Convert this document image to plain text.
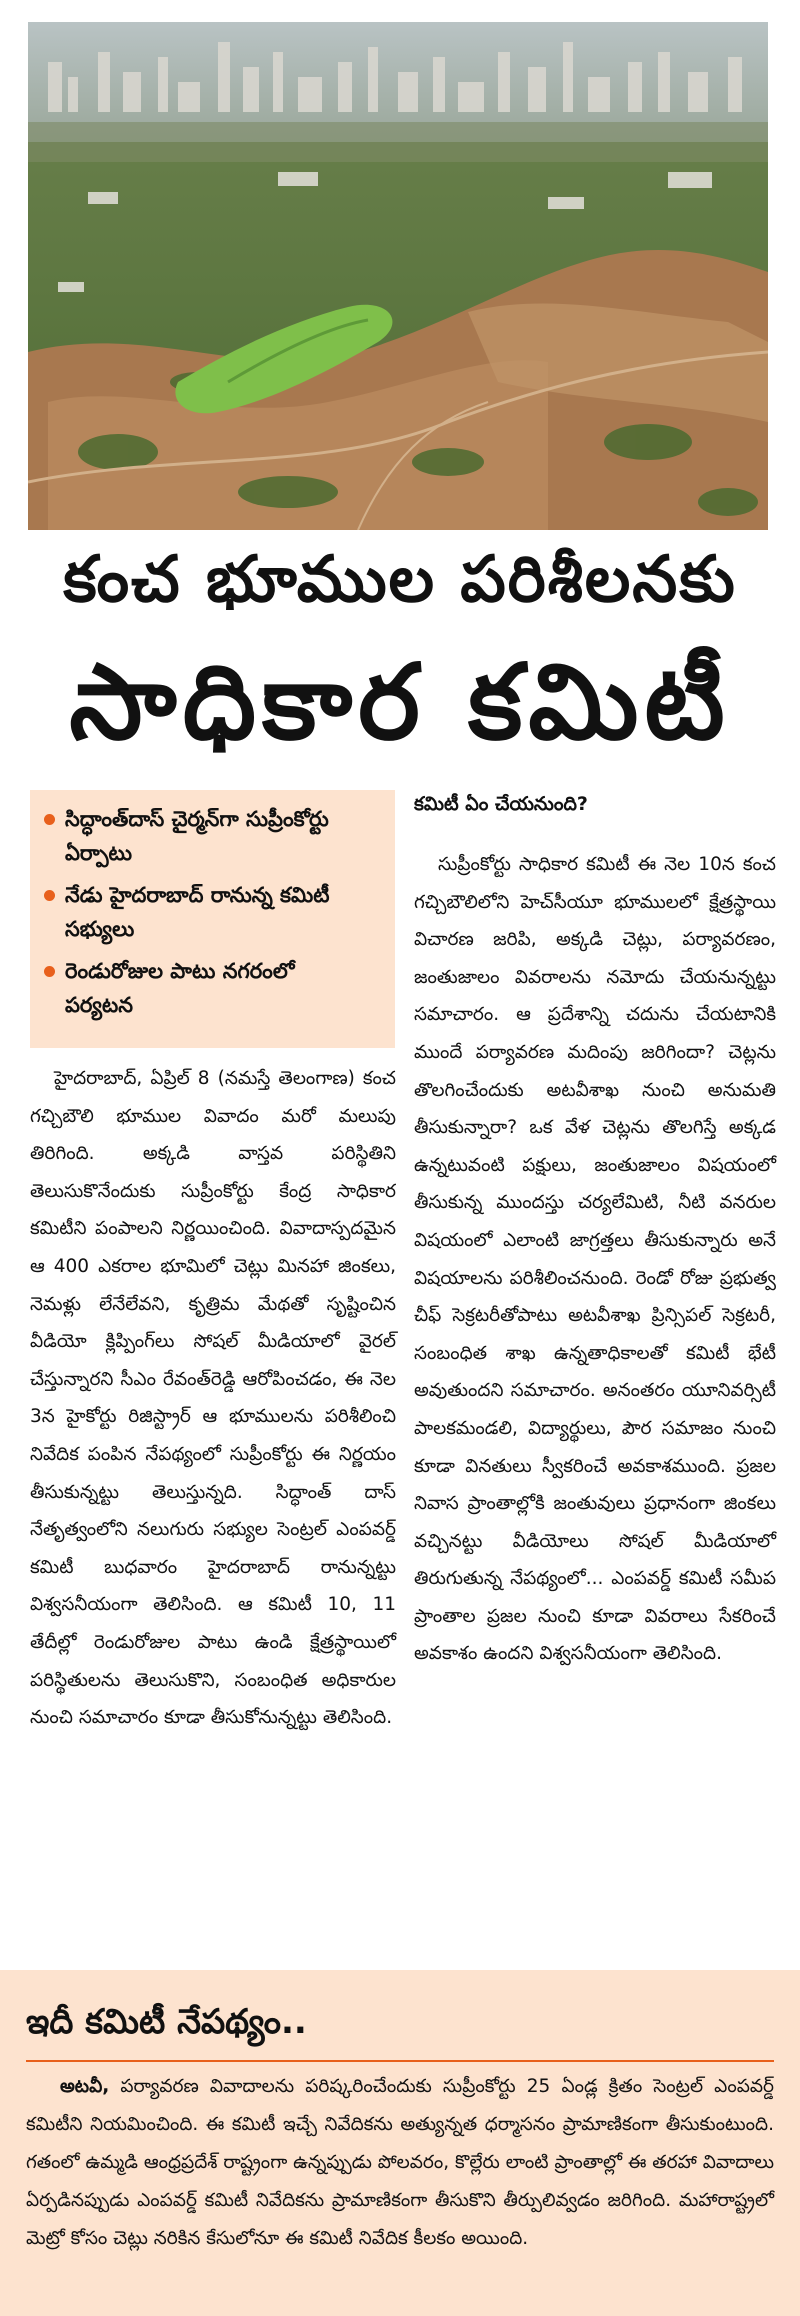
కంచ భూముల పరిశీలనకు
సాధికార కమిటీ
సిద్ధాంత్‌దాస్‌ చైర్మన్‌గా సుప్రీంకోర్టు ఏర్పాటు
నేడు హైదరాబాద్‌ రానున్న కమిటీ సభ్యులు
రెండురోజుల పాటు నగరంలో పర్యటన

హైదరాబాద్‌, ఏప్రిల్‌ 8 (నమస్తే తెలంగాణ) కంచ గచ్చిబౌలి భూముల వివాదం మరో మలుపు తిరిగింది. అక్కడి వాస్తవ పరిస్థితిని తెలుసుకొనేందుకు సుప్రీంకోర్టు కేంద్ర సాధికార కమిటీని పంపాలని నిర్ణయించింది. వివాదాస్పదమైన ఆ 400 ఎకరాల భూమిలో చెట్లు మినహా జింకలు, నెమళ్లు లేనేలేవని, కృత్రిమ మేథతో సృష్టించిన వీడియో క్లిప్పింగ్‌లు సోషల్‌ మీడియాలో వైరల్‌ చేస్తున్నారని సీఎం రేవంత్‌రెడ్డి ఆరోపించడం, ఈ నెల 3న హైకోర్టు రిజిస్ట్రార్‌ ఆ భూములను పరిశీలించి నివేదిక పంపిన నేపథ్యంలో సుప్రీంకోర్టు ఈ నిర్ణయం తీసుకున్నట్టు తెలుస్తున్నది. సిద్ధాంత్‌ దాస్‌ నేతృత్వంలోని నలుగురు సభ్యుల సెంట్రల్‌ ఎంపవర్డ్‌ కమిటీ బుధవారం హైదరాబాద్‌ రానున్నట్టు విశ్వసనీయంగా తెలిసింది. ఆ కమిటీ 10, 11 తేదీల్లో రెండురోజుల పాటు ఉండి క్షేత్రస్థాయిలో పరిస్థితులను తెలుసుకొని, సంబంధిత అధికారుల నుంచి సమాచారం కూడా తీసుకోనున్నట్టు తెలిసింది.

కమిటీ ఏం చేయనుంది?

సుప్రీంకోర్టు సాధికార కమిటీ ఈ నెల 10న కంచ గచ్చిబౌలిలోని హెచ్‌సీయూ భూములలో క్షేత్రస్థాయి విచారణ జరిపి, అక్కడి చెట్లు, పర్యావరణం, జంతుజాలం వివరాలను నమోదు చేయనున్నట్టు సమాచారం. ఆ ప్రదేశాన్ని చదును చేయటానికి ముందే పర్యావరణ మదింపు జరిగిందా? చెట్లను తొలగించేందుకు అటవీశాఖ నుంచి అనుమతి తీసుకున్నారా? ఒక వేళ చెట్లను తొలగిస్తే అక్కడ ఉన్నటువంటి పక్షులు, జంతుజాలం విషయంలో తీసుకున్న ముందస్తు చర్యలేమిటి, నీటి వనరుల విషయంలో ఎలాంటి జాగ్రత్తలు తీసుకున్నారు అనే విషయాలను పరిశీలించనుంది. రెండో రోజు ప్రభుత్వ చీఫ్‌ సెక్రటరీతోపాటు అటవీశాఖ ప్రిన్సిపల్‌ సెక్రటరీ, సంబంధిత శాఖ ఉన్నతాధికాలతో కమిటీ భేటీ అవుతుందని సమాచారం. అనంతరం యూనివర్సిటీ పాలకమండలి, విద్యార్థులు, పౌర సమాజం నుంచి కూడా వినతులు స్వీకరించే అవకాశముంది. ప్రజల నివాస ప్రాంతాల్లోకి జంతువులు ప్రధానంగా జింకలు వచ్చినట్టు వీడియోలు సోషల్‌ మీడియాలో తిరుగుతున్న నేపథ్యంలో... ఎంపవర్డ్‌ కమిటీ సమీప ప్రాంతాల ప్రజల నుంచి కూడా వివరాలు సేకరించే అవకాశం ఉందని విశ్వసనీయంగా తెలిసింది.

ఇదీ కమిటీ నేపథ్యం..

అటవీ, పర్యావరణ వివాదాలను పరిష్కరించేందుకు సుప్రీంకోర్టు 25 ఏండ్ల క్రితం సెంట్రల్‌ ఎంపవర్డ్‌ కమిటీని నియమించింది. ఈ కమిటీ ఇచ్చే నివేదికను అత్యున్నత ధర్మాసనం ప్రామాణికంగా తీసుకుంటుంది. గతంలో ఉమ్మడి ఆంధ్రప్రదేశ్‌ రాష్ట్రంగా ఉన్నప్పుడు పోలవరం, కొల్లేరు లాంటి ప్రాంతాల్లో ఈ తరహా వివాదాలు ఏర్పడినప్పుడు ఎంపవర్డ్‌ కమిటీ నివేదికను ప్రామాణికంగా తీసుకొని తీర్పులివ్వడం జరిగింది. మహారాష్ట్రలో మెట్రో కోసం చెట్లు నరికిన కేసులోనూ ఈ కమిటీ నివేదిక కీలకం అయింది.
